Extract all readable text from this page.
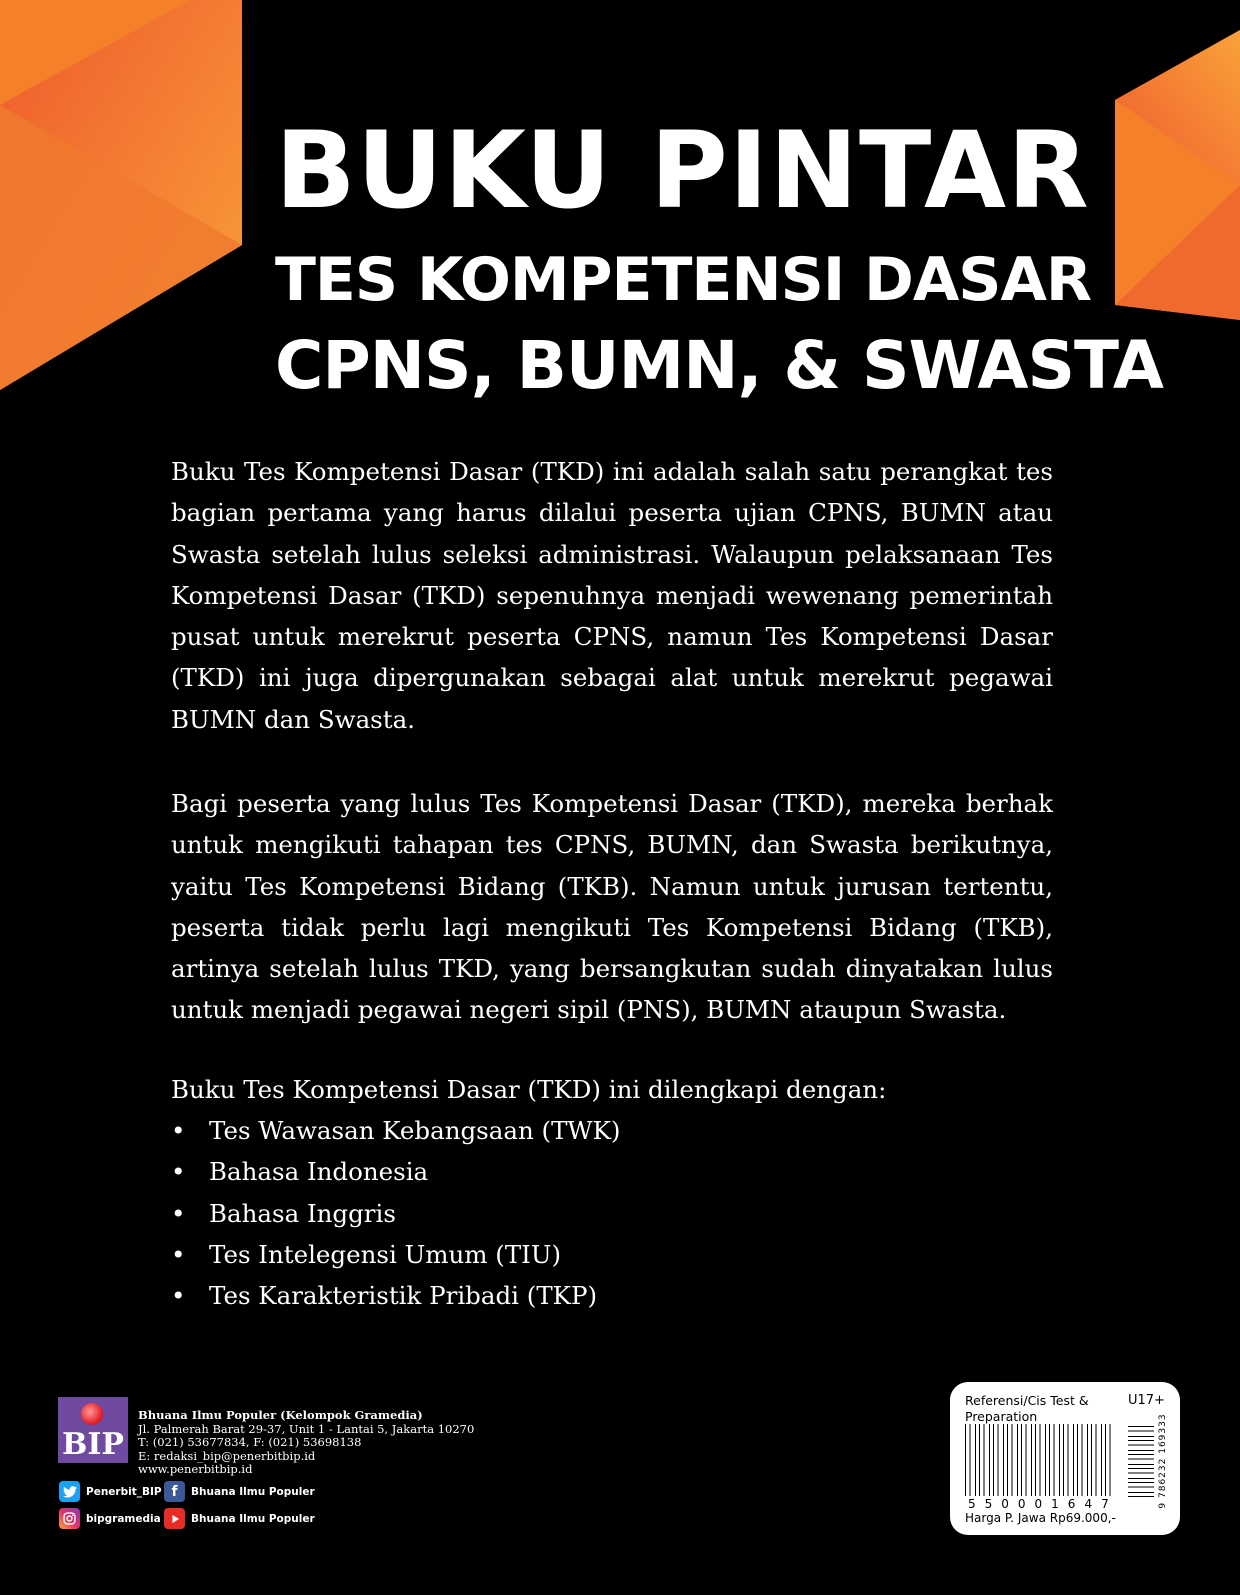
BUKU PINTAR
TES KOMPETENSI DASAR
CPNS, BUMN, & SWASTA

Buku Tes Kompetensi Dasar (TKD) ini adalah salah satu perangkat tes bagian pertama yang harus dilalui peserta ujian CPNS, BUMN atau Swasta setelah lulus seleksi administrasi. Walaupun pelaksanaan Tes Kompetensi Dasar (TKD) sepenuhnya menjadi wewenang pemerintah pusat untuk merekrut peserta CPNS, namun Tes Kompetensi Dasar (TKD) ini juga dipergunakan sebagai alat untuk merekrut pegawai BUMN dan Swasta.

Bagi peserta yang lulus Tes Kompetensi Dasar (TKD), mereka berhak untuk mengikuti tahapan tes CPNS, BUMN, dan Swasta berikutnya, yaitu Tes Kompetensi Bidang (TKB). Namun untuk jurusan tertentu, peserta tidak perlu lagi mengikuti Tes Kompetensi Bidang (TKB), artinya setelah lulus TKD, yang bersangkutan sudah dinyatakan lulus untuk menjadi pegawai negeri sipil (PNS), BUMN ataupun Swasta.

Buku Tes Kompetensi Dasar (TKD) ini dilengkapi dengan:

• Tes Wawasan Kebangsaan (TWK)
• Bahasa Indonesia
• Bahasa Inggris
• Tes Intelegensi Umum (TIU)
• Tes Karakteristik Pribadi (TKP)
BIP
Bhuana Ilmu Populer (Kelompok Gramedia)
Jl. Palmerah Barat 29-37, Unit 1 - Lantai 5, Jakarta 10270
T: (021) 53677834, F: (021) 53698138
E: redaksi_bip@penerbitbip.id
www.penerbitbip.id
Penerbit_BIP f	Bhuana Ilmu Populer
bipgramedia	Bhuana Ilmu Populer
Referensi/Cis Test & Preparation
U17+
9 786232 169333
550001647
Harga P. Jawa Rp69.000,-
